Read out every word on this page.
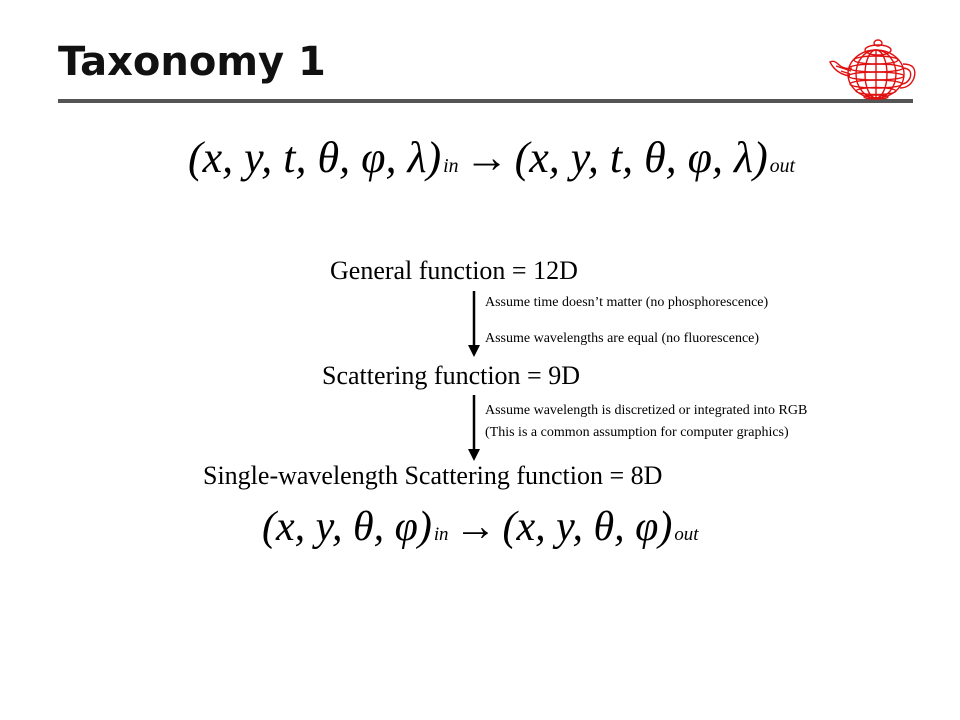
Taxonomy 1
(x, y, t, θ, φ, $\lambda)_{in} \to (x$, y, t, θ, φ, $\lambda)_{out}$
General function = 12D
Assume time doesn’t matter (no phosphorescence)
Assume wavelengths are equal (no fluorescence)
Scattering function = 9D
Assume wavelength is discretized or integrated into RGB
(This is a common assumption for computer graphics)
Single-wavelength Scattering function = 8D
(x, y, θ, φ) in → (x, y, θ, φ) out
